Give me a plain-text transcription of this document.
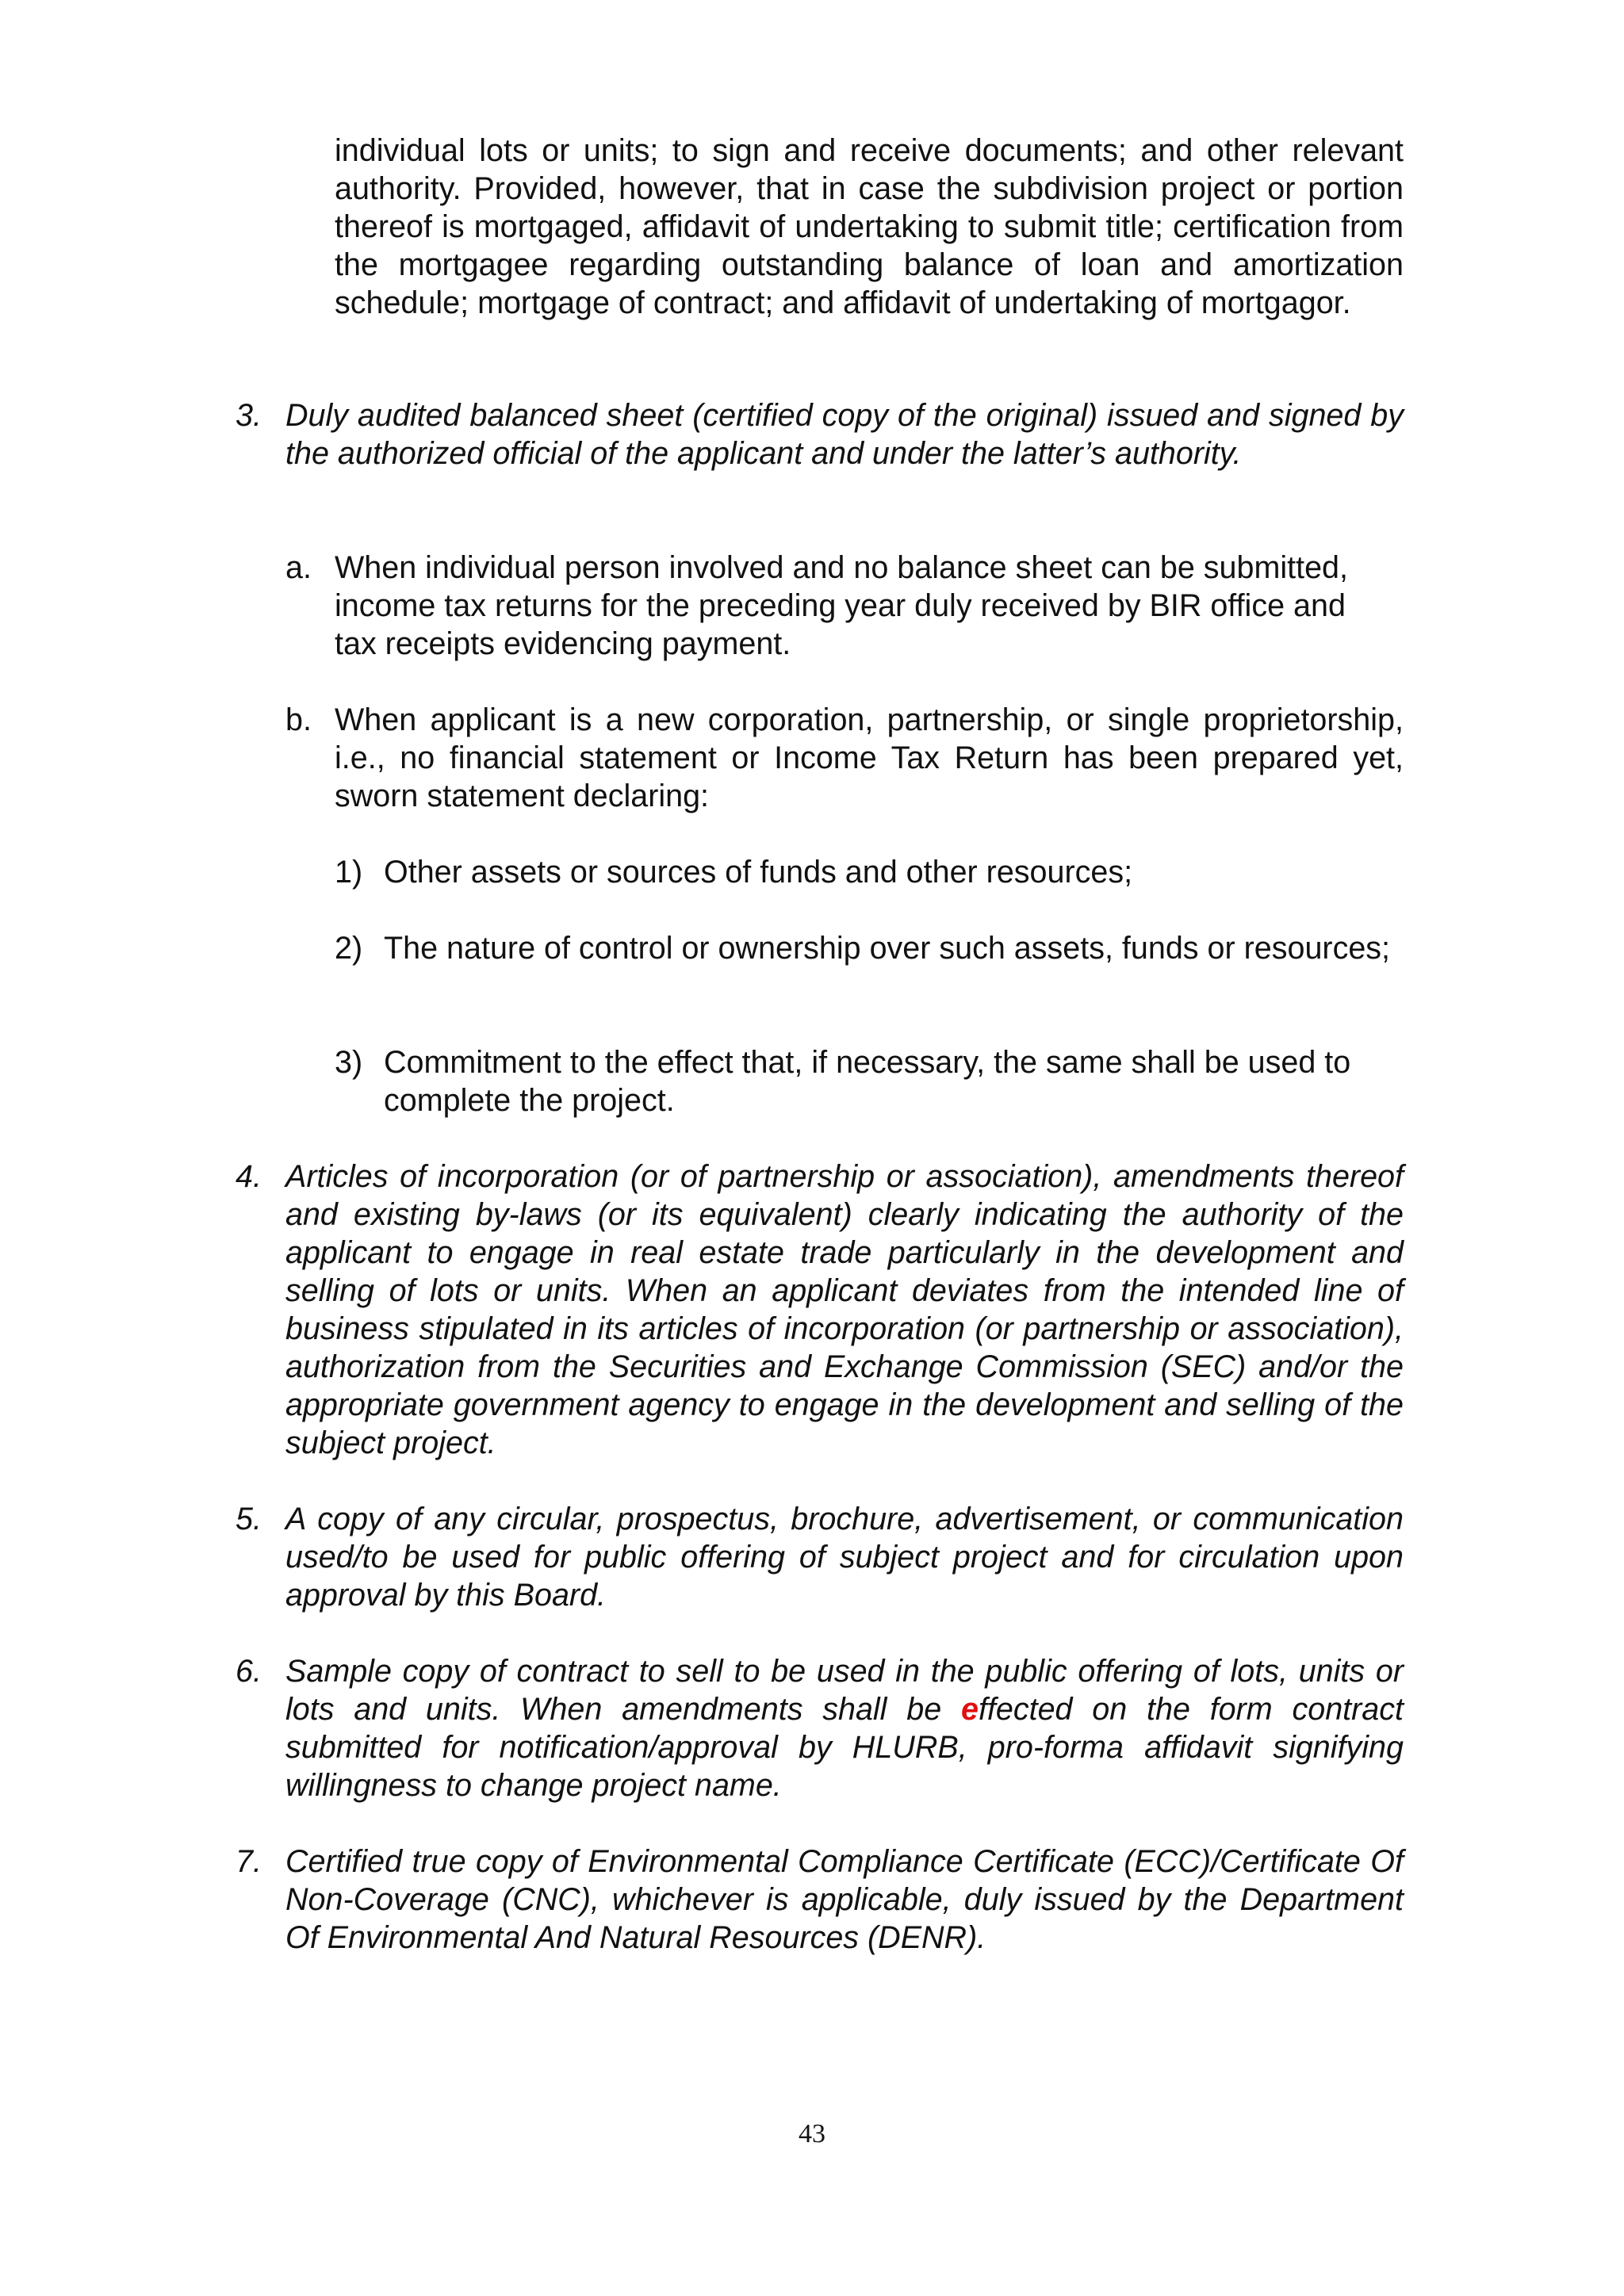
individual lots or units; to sign and receive documents; and other relevant authority. Provided, however, that in case the subdivision project or portion thereof is mortgaged, affidavit of undertaking to submit title; certification from the mortgagee regarding outstanding balance of loan and amortization schedule; mortgage of contract; and affidavit of undertaking of mortgagor.

3. Duly audited balanced sheet (certified copy of the original) issued and signed by the authorized official of the applicant and under the latter’s authority.

a. When individual person involved and no balance sheet can be submitted, income tax returns for the preceding year duly received by BIR office and tax receipts evidencing payment.

b. When applicant is a new corporation, partnership, or single proprietorship, i.e., no financial statement or Income Tax Return has been prepared yet, sworn statement declaring:

1) Other assets or sources of funds and other resources;

2) The nature of control or ownership over such assets, funds or resources;

3) Commitment to the effect that, if necessary, the same shall be used to complete the project.

4. Articles of incorporation (or of partnership or association), amendments thereof and existing by-laws (or its equivalent) clearly indicating the authority of the applicant to engage in real estate trade particularly in the development and selling of lots or units. When an applicant deviates from the intended line of business stipulated in its articles of incorporation (or partnership or association), authorization from the Securities and Exchange Commission (SEC) and/or the appropriate government agency to engage in the development and selling of the subject project.

5. A copy of any circular, prospectus, brochure, advertisement, or communication used/to be used for public offering of subject project and for circulation upon approval by this Board.

6. Sample copy of contract to sell to be used in the public offering of lots, units or lots and units. When amendments shall be effected on the form contract submitted for notification/approval by HLURB, pro-forma affidavit signifying willingness to change project name.

7. Certified true copy of Environmental Compliance Certificate (ECC)/Certificate Of Non-Coverage (CNC), whichever is applicable, duly issued by the Department Of Environmental And Natural Resources (DENR).

43
